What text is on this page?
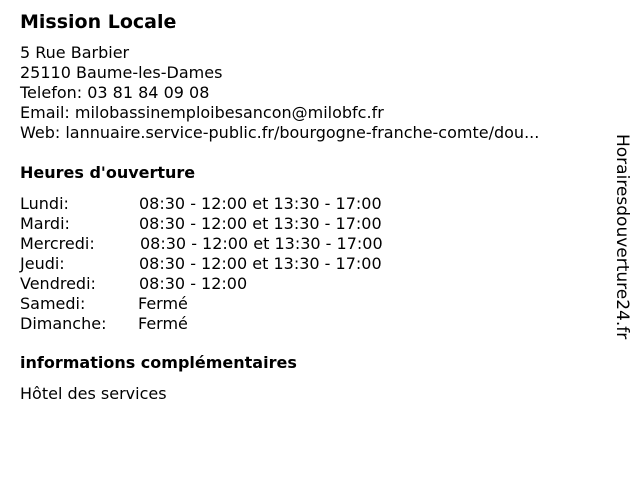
Mission Locale
5 Rue Barbier
25110 Baume-les-Dames
Telefon: 03 81 84 09 08
Email: milobassinemploibesancon@milobfc.fr
Web: lannuaire.service-public.fr/bourgogne-franche-comte/dou...
Heures d'ouverture
Lundi:	08:30 - 12:00 et 13:30 - 17:00
Mardi:	08:30 - 12:00 et 13:30 - 17:00
Mercredi:	08:30 - 12:00 et 13:30 - 17:00
Jeudi:	08:30 - 12:00 et 13:30 - 17:00
Vendredi:	08:30 - 12:00
Samedi:	Fermé
Dimanche: Fermé
informations complémentaires
Hôtel des services
Horairesdouverture24.fr
